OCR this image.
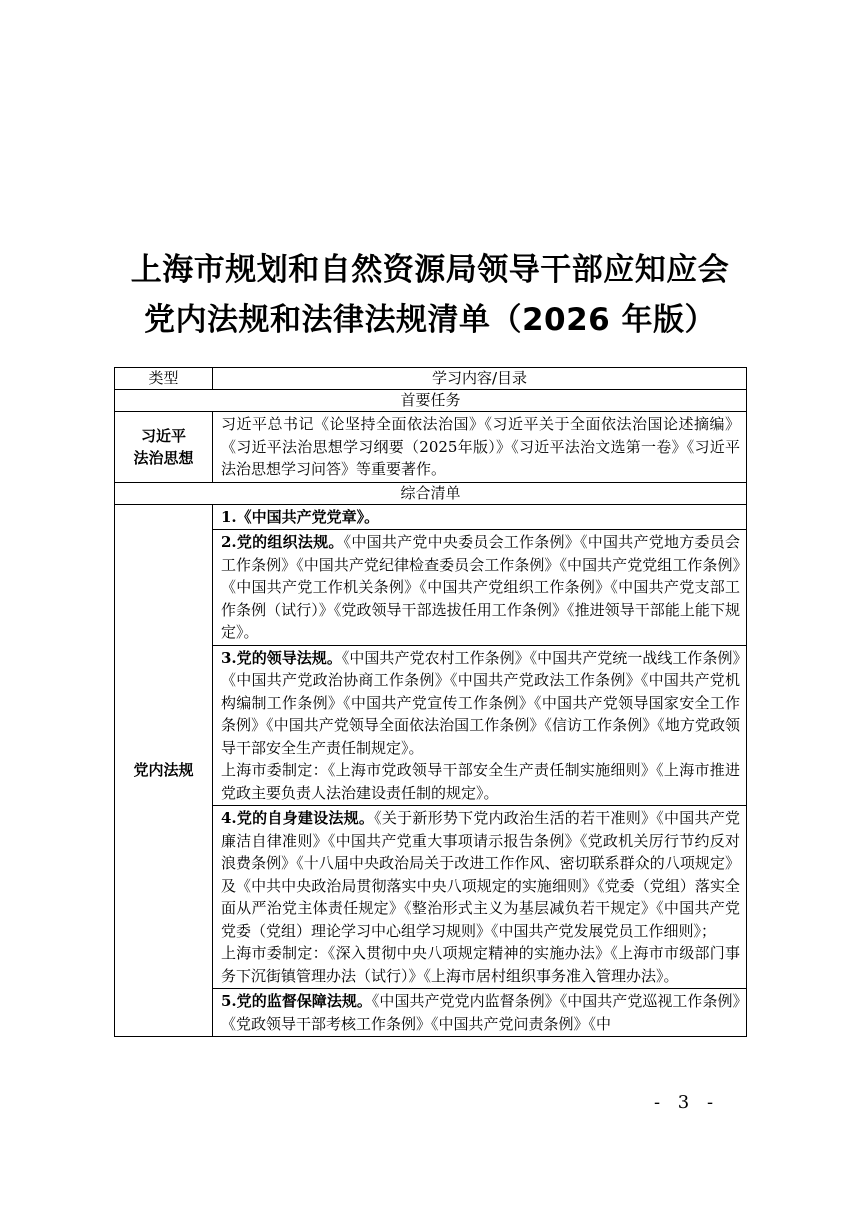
上海市规划和自然资源局领导干部应知应会
党内法规和法律法规清单（2026 年版）
类型	学习内容/目录
首要任务	

习近平
法治思想	习近平总书记《论坚持全面依法治国》《习近平关于全面依法治国论述摘编》《习近平法治思想学习纲要（2025年版）》《习近平法治文选第一卷》《习近平法治思想学习问答》等重要著作。
综合清单	
党内法规	1.《中国共产党党章》。
	2.党的组织法规。《中国共产党中央委员会工作条例》《中国共产党地方委员会工作条例》《中国共产党纪律检查委员会工作条例》《中国共产党党组工作条例》《中国共产党工作机关条例》《中国共产党组织工作条例》《中国共产党支部工作条例（试行）》《党政领导干部选拔任用工作条例》《推进领导干部能上能下规定》。
	3.党的领导法规。《中国共产党农村工作条例》《中国共产党统一战线工作条例》《中国共产党政治协商工作条例》《中国共产党政法工作条例》《中国共产党机构编制工作条例》《中国共产党宣传工作条例》《中国共产党领导国家安全工作条例》《中国共产党领导全面依法治国工作条例》《信访工作条例》《地方党政领导干部安全生产责任制规定》。
上海市委制定：《上海市党政领导干部安全生产责任制实施细则》《上海市推进党政主要负责人法治建设责任制的规定》。

	4.党的自身建设法规。《关于新形势下党内政治生活的若干准则》《中国共产党廉洁自律准则》《中国共产党重大事项请示报告条例》《党政机关厉行节约反对浪费条例》《十八届中央政治局关于改进工作作风、密切联系群众的八项规定》及《中共中央政治局贯彻落实中央八项规定的实施细则》《党委（党组）落实全面从严治党主体责任规定》《整治形式主义为基层减负若干规定》《中国共产党党委（党组）理论学习中心组学习规则》《中国共产党发展党员工作细则》；
上海市委制定：《深入贯彻中央八项规定精神的实施办法》《上海市市级部门事务下沉街镇管理办法（试行）》《上海市居村组织事务准入管理办法》。

	5.党的监督保障法规。《中国共产党党内监督条例》《中国共产党巡视工作条例》《党政领导干部考核工作条例》《中国共产党问责条例》《中
- 3 -
